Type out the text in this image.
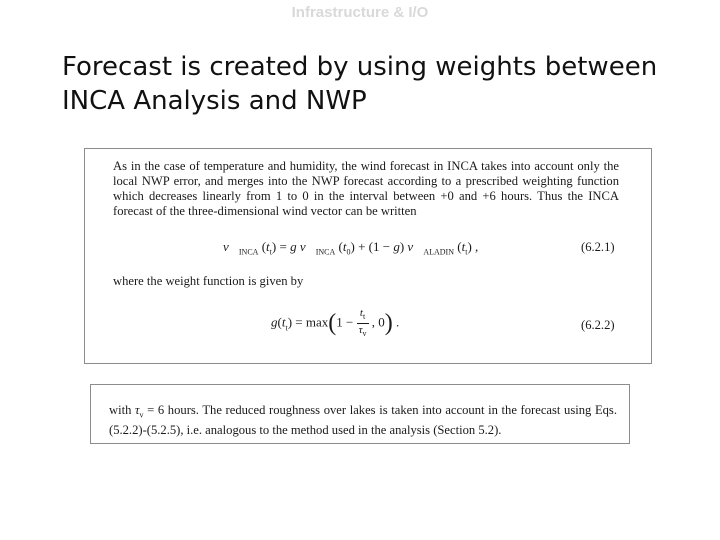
Infrastructure & I/O
Forecast is created by using weights between INCA Analysis and NWP
As in the case of temperature and humidity, the wind forecast in INCA takes into account only the local NWP error, and merges into the NWP forecast according to a prescribed weighting function which decreases linearly from 1 to 0 in the interval between +0 and +6 hours. Thus the INCA forecast of the three-dimensional wind vector can be written
$v⃗_{INCA}$ $(t_t) = g$ $v⃗_{INCA}$ $(t_0) + (1 - g)$ $v⃗_{ALADIN}$ $(t_t)$ ,	(6.2.1)
where the weight function is given by
$g(t_t) = \max(1 - \frac{t_t}{\tau_v}$ , 0) .	(6.2.2)
with $\tau_v = 6$ hours. The reduced roughness over lakes is taken into account in the forecast using Eqs. (5.2.2)-(5.2.5), i.e. analogous to the method used in the analysis (Section 5.2).
